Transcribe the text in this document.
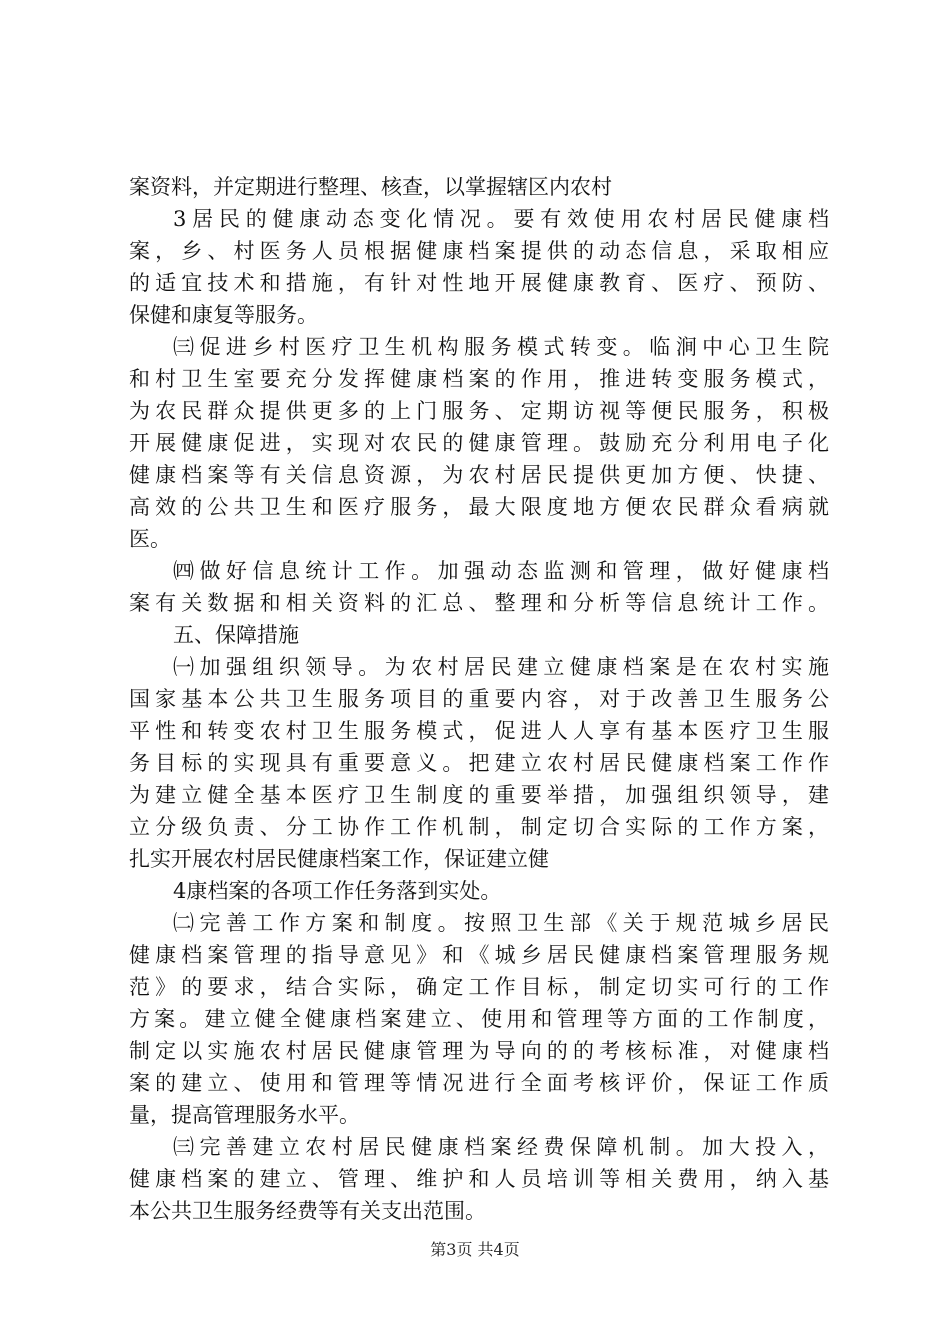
案资料，并定期进行整理、核查，以掌握辖区内农村
3居民的健康动态变化情况。要有效使用农村居民健康档
案，乡、村医务人员根据健康档案提供的动态信息，采取相应
的适宜技术和措施，有针对性地开展健康教育、医疗、预防、
保健和康复等服务。
㈢促进乡村医疗卫生机构服务模式转变。临涧中心卫生院
和村卫生室要充分发挥健康档案的作用，推进转变服务模式，
为农民群众提供更多的上门服务、定期访视等便民服务，积极
开展健康促进，实现对农民的健康管理。鼓励充分利用电子化
健康档案等有关信息资源，为农村居民提供更加方便、快捷、
高效的公共卫生和医疗服务，最大限度地方便农民群众看病就
医。
㈣做好信息统计工作。加强动态监测和管理，做好健康档
案有关数据和相关资料的汇总、整理和分析等信息统计工作。
五、保障措施
㈠加强组织领导。为农村居民建立健康档案是在农村实施
国家基本公共卫生服务项目的重要内容，对于改善卫生服务公
平性和转变农村卫生服务模式，促进人人享有基本医疗卫生服
务目标的实现具有重要意义。把建立农村居民健康档案工作作
为建立健全基本医疗卫生制度的重要举措，加强组织领导，建
立分级负责、分工协作工作机制，制定切合实际的工作方案，
扎实开展农村居民健康档案工作，保证建立健
4康档案的各项工作任务落到实处。
㈡完善工作方案和制度。按照卫生部《关于规范城乡居民
健康档案管理的指导意见》和《城乡居民健康档案管理服务规
范》的要求，结合实际，确定工作目标，制定切实可行的工作
方案。建立健全健康档案建立、使用和管理等方面的工作制度，
制定以实施农村居民健康管理为导向的的考核标准，对健康档
案的建立、使用和管理等情况进行全面考核评价，保证工作质
量，提高管理服务水平。
㈢完善建立农村居民健康档案经费保障机制。加大投入，
健康档案的建立、管理、维护和人员培训等相关费用，纳入基
本公共卫生服务经费等有关支出范围。
第3页 共4页
